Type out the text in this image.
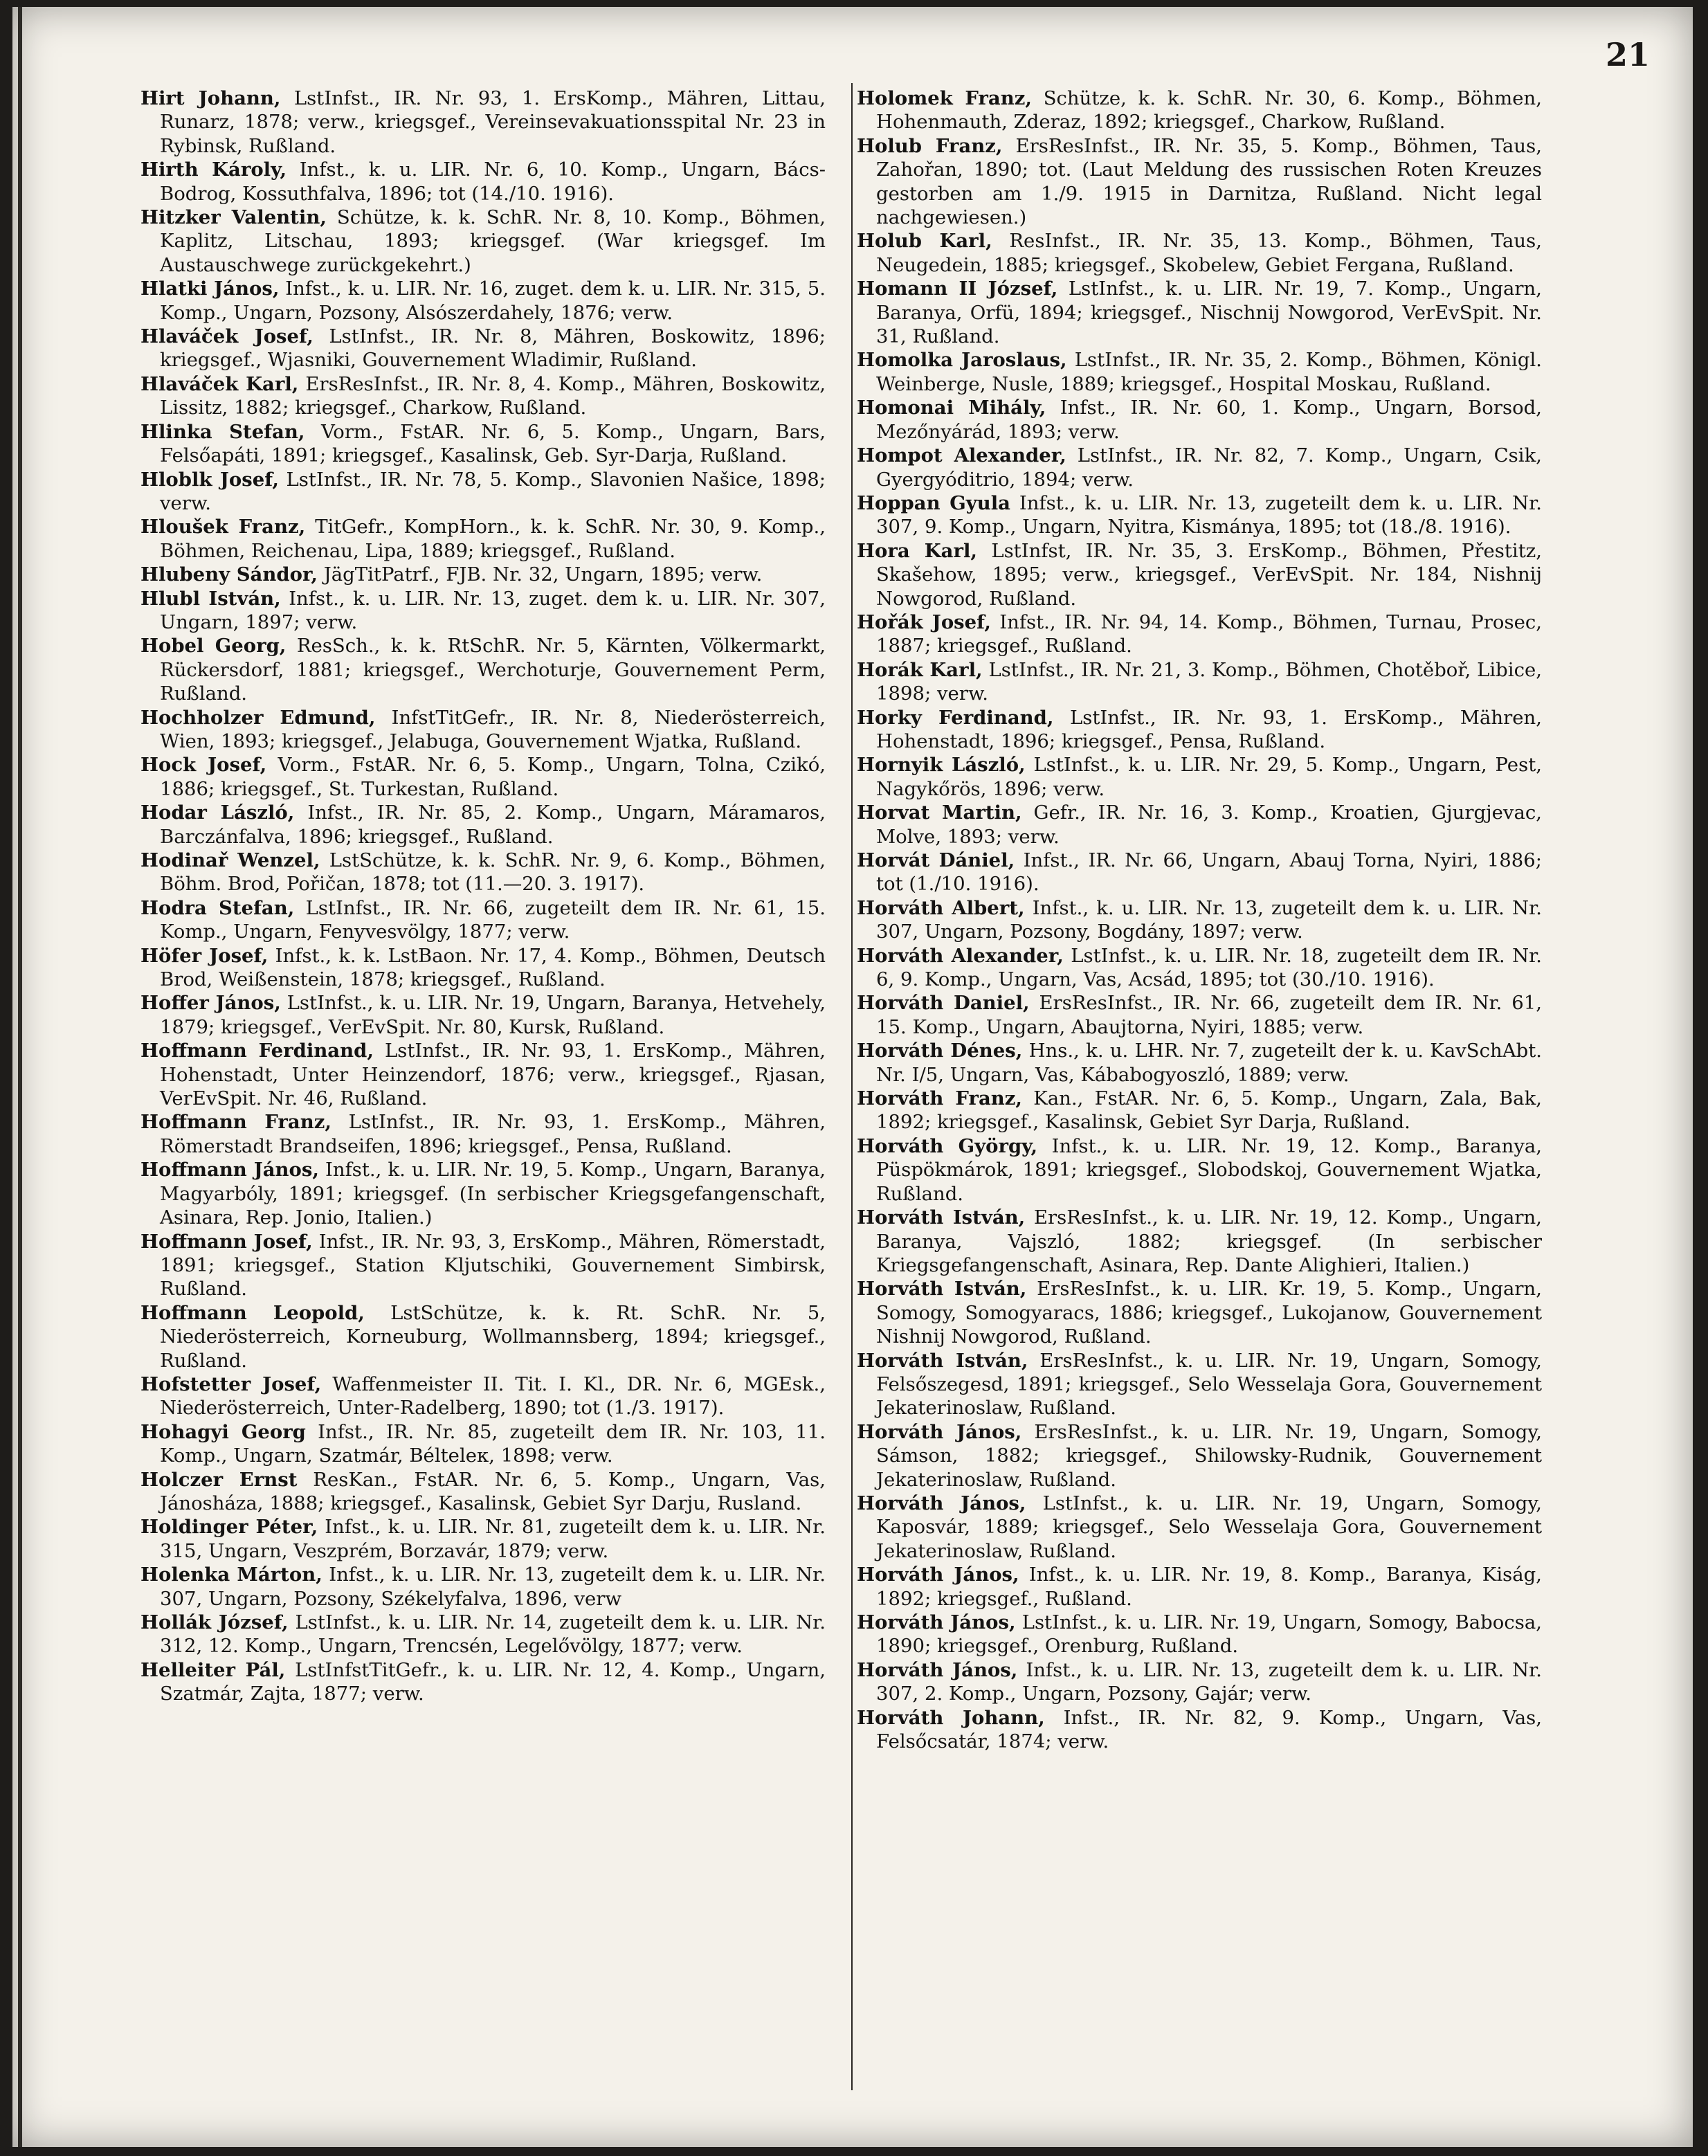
21

Hirt Johann, LstInfst., IR. Nr. 93, 1. ErsKomp., Mähren, Littau, Runarz, 1878; verw., kriegsgef., Vereinsevakuationsspital Nr. 23 in Rybinsk, Rußland.

Hirth Károly, Infst., k. u. LIR. Nr. 6, 10. Komp., Ungarn, Bács-Bodrog, Kossuthfalva, 1896; tot (14./10. 1916).

Hitzker Valentin, Schütze, k. k. SchR. Nr. 8, 10. Komp., Böhmen, Kaplitz, Litschau, 1893; kriegsgef. (War kriegsgef. Im Austauschwege zurückgekehrt.)

Hlatki János, Infst., k. u. LIR. Nr. 16, zuget. dem k. u. LIR. Nr. 315, 5. Komp., Ungarn, Pozsony, Alsószerdahely, 1876; verw.

Hlaváček Josef, LstInfst., IR. Nr. 8, Mähren, Boskowitz, 1896; kriegsgef., Wjasniki, Gouvernement Wladimir, Rußland.

Hlaváček Karl, ErsResInfst., IR. Nr. 8, 4. Komp., Mähren, Boskowitz, Lissitz, 1882; kriegsgef., Charkow, Rußland.

Hlinka Stefan, Vorm., FstAR. Nr. 6, 5. Komp., Ungarn, Bars, Felsőapáti, 1891; kriegsgef., Kasalinsk, Geb. Syr-Darja, Rußland.

Hloblk Josef, LstInfst., IR. Nr. 78, 5. Komp., Slavonien Našice, 1898; verw.

Hloušek Franz, TitGefr., KompHorn., k. k. SchR. Nr. 30, 9. Komp., Böhmen, Reichenau, Lipa, 1889; kriegsgef., Rußland.

Hlubeny Sándor, JägTitPatrf., FJB. Nr. 32, Ungarn, 1895; verw.

Hlubl István, Infst., k. u. LIR. Nr. 13, zuget. dem k. u. LIR. Nr. 307, Ungarn, 1897; verw.

Hobel Georg, ResSch., k. k. RtSchR. Nr. 5, Kärnten, Völkermarkt, Rückersdorf, 1881; kriegsgef., Werchoturje, Gouvernement Perm, Rußland.

Hochholzer Edmund, InfstTitGefr., IR. Nr. 8, Niederösterreich, Wien, 1893; kriegsgef., Jelabuga, Gouvernement Wjatka, Rußland.

Hock Josef, Vorm., FstAR. Nr. 6, 5. Komp., Ungarn, Tolna, Czikó, 1886; kriegsgef., St. Turkestan, Rußland.

Hodar László, Infst., IR. Nr. 85, 2. Komp., Ungarn, Máramaros, Barczánfalva, 1896; kriegsgef., Rußland.

Hodinař Wenzel, LstSchütze, k. k. SchR. Nr. 9, 6. Komp., Böhmen, Böhm. Brod, Pořičan, 1878; tot (11.—20. 3. 1917).

Hodra Stefan, LstInfst., IR. Nr. 66, zugeteilt dem IR. Nr. 61, 15. Komp., Ungarn, Fenyvesvölgy, 1877; verw.

Höfer Josef, Infst., k. k. LstBaon. Nr. 17, 4. Komp., Böhmen, Deutsch Brod, Weißenstein, 1878; kriegsgef., Rußland.

Hoffer János, LstInfst., k. u. LIR. Nr. 19, Ungarn, Baranya, Hetvehely, 1879; kriegsgef., VerEvSpit. Nr. 80, Kursk, Rußland.

Hoffmann Ferdinand, LstInfst., IR. Nr. 93, 1. ErsKomp., Mähren, Hohenstadt, Unter Heinzendorf, 1876; verw., kriegsgef., Rjasan, VerEvSpit. Nr. 46, Rußland.

Hoffmann Franz, LstInfst., IR. Nr. 93, 1. ErsKomp., Mähren, Römerstadt Brandseifen, 1896; kriegsgef., Pensa, Rußland.

Hoffmann János, Infst., k. u. LIR. Nr. 19, 5. Komp., Ungarn, Baranya, Magyarbóly, 1891; kriegsgef. (In serbischer Kriegsgefangenschaft, Asinara, Rep. Jonio, Italien.)

Hoffmann Josef, Infst., IR. Nr. 93, 3, ErsKomp., Mähren, Römerstadt, 1891; kriegsgef., Station Kljutschiki, Gouvernement Simbirsk, Rußland.

Hoffmann Leopold, LstSchütze, k. k. Rt. SchR. Nr. 5, Niederösterreich, Korneuburg, Wollmannsberg, 1894; kriegsgef., Rußland.

Hofstetter Josef, Waffenmeister II. Tit. I. Kl., DR. Nr. 6, MGEsk., Niederösterreich, Unter-Radelberg, 1890; tot (1./3. 1917).

Hohagyi Georg Infst., IR. Nr. 85, zugeteilt dem IR. Nr. 103, 11. Komp., Ungarn, Szatmár, Bélteleк, 1898; verw.

Holczer Ernst ResKan., FstAR. Nr. 6, 5. Komp., Ungarn, Vas, Jánosháza, 1888; kriegsgef., Kasalinsk, Gebiet Syr Darju, Rusland.

Holdinger Péter, Infst., k. u. LIR. Nr. 81, zugeteilt dem k. u. LIR. Nr. 315, Ungarn, Veszprém, Borzavár, 1879; verw.

Holenka Márton, Infst., k. u. LIR. Nr. 13, zugeteilt dem k. u. LIR. Nr. 307, Ungarn, Pozsony, Székelyfalva, 1896, verw

Hollák József, LstInfst., k. u. LIR. Nr. 14, zugeteilt dem k. u. LIR. Nr. 312, 12. Komp., Ungarn, Trencsén, Legelővölgy, 1877; verw.

Helleiter Pál, LstInfstTitGefr., k. u. LIR. Nr. 12, 4. Komp., Ungarn, Szatmár, Zajta, 1877; verw.

Holomek Franz, Schütze, k. k. SchR. Nr. 30, 6. Komp., Böhmen, Hohenmauth, Zderaz, 1892; kriegsgef., Charkow, Rußland.

Holub Franz, ErsResInfst., IR. Nr. 35, 5. Komp., Böhmen, Taus, Zahořan, 1890; tot. (Laut Meldung des russischen Roten Kreuzes gestorben am 1./9. 1915 in Darnitza, Rußland. Nicht legal nachgewiesen.)

Holub Karl, ResInfst., IR. Nr. 35, 13. Komp., Böhmen, Taus, Neugedein, 1885; kriegsgef., Skobelew, Gebiet Fergana, Rußland.

Homann II József, LstInfst., k. u. LIR. Nr. 19, 7. Komp., Ungarn, Baranya, Orfü, 1894; kriegsgef., Nischnij Nowgorod, VerEvSpit. Nr. 31, Rußland.

Homolka Jaroslaus, LstInfst., IR. Nr. 35, 2. Komp., Böhmen, Königl. Weinberge, Nusle, 1889; kriegsgef., Hospital Moskau, Rußland.

Homonai Mihály, Infst., IR. Nr. 60, 1. Komp., Ungarn, Borsod, Mezőnyárád, 1893; verw.

Hompot Alexander, LstInfst., IR. Nr. 82, 7. Komp., Ungarn, Csik, Gyergyóditrio, 1894; verw.

Hoppan Gyula Infst., k. u. LIR. Nr. 13, zugeteilt dem k. u. LIR. Nr. 307, 9. Komp., Ungarn, Nyitra, Kismánya, 1895; tot (18./8. 1916).

Hora Karl, LstInfst, IR. Nr. 35, 3. ErsKomp., Böhmen, Přestitz, Skašehow, 1895; verw., kriegsgef., VerEvSpit. Nr. 184, Nishnij Nowgorod, Rußland.

Hořák Josef, Infst., IR. Nr. 94, 14. Komp., Böhmen, Turnau, Prosec, 1887; kriegsgef., Rußland.

Horák Karl, LstInfst., IR. Nr. 21, 3. Komp., Böhmen, Chotěboř, Libice, 1898; verw.

Horky Ferdinand, LstInfst., IR. Nr. 93, 1. ErsKomp., Mähren, Hohenstadt, 1896; kriegsgef., Pensa, Rußland.

Hornyik László, LstInfst., k. u. LIR. Nr. 29, 5. Komp., Ungarn, Pest, Nagykőrös, 1896; verw.

Horvat Martin, Gefr., IR. Nr. 16, 3. Komp., Kroatien, Gjurgjevac, Molve, 1893; verw.

Horvát Dániel, Infst., IR. Nr. 66, Ungarn, Abauj Torna, Nyiri, 1886; tot (1./10. 1916).

Horváth Albert, Infst., k. u. LIR. Nr. 13, zugeteilt dem k. u. LIR. Nr. 307, Ungarn, Pozsony, Bogdány, 1897; verw.

Horváth Alexander, LstInfst., k. u. LIR. Nr. 18, zugeteilt dem IR. Nr. 6, 9. Komp., Ungarn, Vas, Acsád, 1895; tot (30./10. 1916).

Horváth Daniel, ErsResInfst., IR. Nr. 66, zugeteilt dem IR. Nr. 61, 15. Komp., Ungarn, Abaujtorna, Nyiri, 1885; verw.

Horváth Dénes, Hns., k. u. LHR. Nr. 7, zugeteilt der k. u. KavSchAbt. Nr. I/5, Ungarn, Vas, Kábabogyoszló, 1889; verw.

Horváth Franz, Kan., FstAR. Nr. 6, 5. Komp., Ungarn, Zala, Bak, 1892; kriegsgef., Kasalinsk, Gebiet Syr Darja, Rußland.

Horváth György, Infst., k. u. LIR. Nr. 19, 12. Komp., Baranya, Püspökmárok, 1891; kriegsgef., Slobodskoj, Gouvernement Wjatka, Rußland.

Horváth István, ErsResInfst., k. u. LIR. Nr. 19, 12. Komp., Ungarn, Baranya, Vajszló, 1882; kriegsgef. (In serbischer Kriegsgefangenschaft, Asinara, Rep. Dante Alighieri, Italien.)

Horváth István, ErsResInfst., k. u. LIR. Kr. 19, 5. Komp., Ungarn, Somogy, Somogyaracs, 1886; kriegsgef., Lukojanow, Gouvernement Nishnij Nowgorod, Rußland.

Horváth István, ErsResInfst., k. u. LIR. Nr. 19, Ungarn, Somogy, Felsőszegesd, 1891; kriegsgef., Selo Wesselaja Gora, Gouvernement Jekaterinoslaw, Rußland.

Horváth János, ErsResInfst., k. u. LIR. Nr. 19, Ungarn, Somogy, Sámson, 1882; kriegsgef., Shilowsky-Rudnik, Gouvernement Jekaterinoslaw, Rußland.

Horváth János, LstInfst., k. u. LIR. Nr. 19, Ungarn, Somogy, Kaposvár, 1889; kriegsgef., Selo Wesselaja Gora, Gouvernement Jekaterinoslaw, Rußland.

Horváth János, Infst., k. u. LIR. Nr. 19, 8. Komp., Baranya, Kiság, 1892; kriegsgef., Rußland.

Horváth János, LstInfst., k. u. LIR. Nr. 19, Ungarn, Somogy, Babocsa, 1890; kriegsgef., Orenburg, Rußland.

Horváth János, Infst., k. u. LIR. Nr. 13, zugeteilt dem k. u. LIR. Nr. 307, 2. Komp., Ungarn, Pozsony, Gajár; verw.

Horváth Johann, Infst., IR. Nr. 82, 9. Komp., Ungarn, Vas, Felsőcsatár, 1874; verw.
